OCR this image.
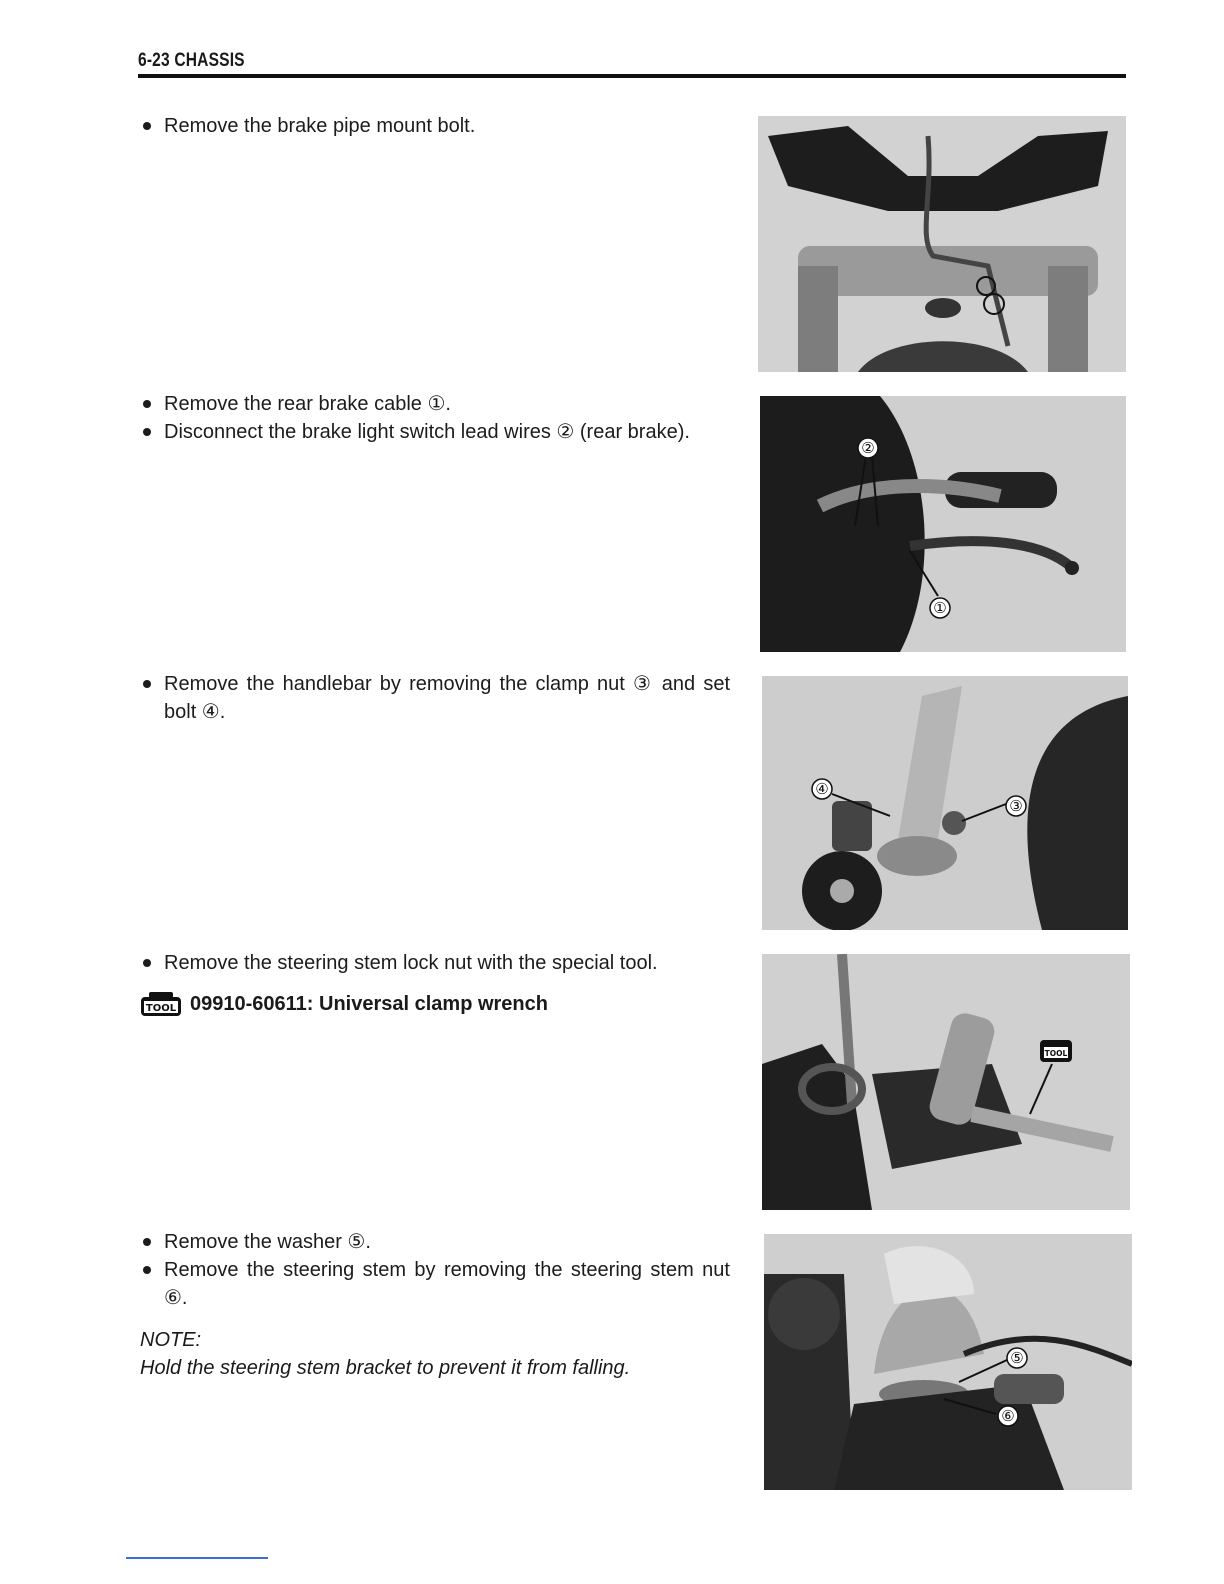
6-23 CHASSIS
Remove the brake pipe mount bolt.
Remove the rear brake cable ①.
Disconnect the brake light switch lead wires ② (rear brake).
Remove the handlebar by removing the clamp nut ③ and set bolt ④.
Remove the steering stem lock nut with the special tool.
TOOL 09910-60611: Universal clamp wrench
Remove the washer ⑤.
Remove the steering stem by removing the steering stem nut ⑥.
NOTE:
Hold the steering stem bracket to prevent it from falling.
②
①
④
③
TOOL
⑤
⑥
